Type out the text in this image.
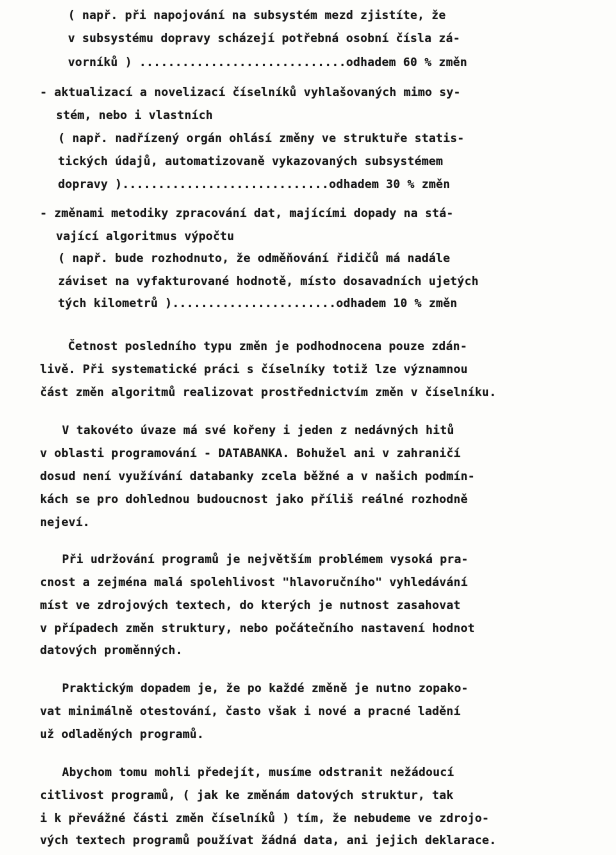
( např. při napojování na subsystém mezd zjistíte, že
v subsystému dopravy scházejí potřebná osobní čísla zá-
vorníků ) .............................odhadem 60 % změn
- aktualizací a novelizací číselníků vyhlašovaných mimo sy-
stém, nebo i vlastních
( např. nadřízený orgán ohlásí změny ve struktuře statis-
tických údajů, automatizovaně vykazovaných subsystémem
dopravy ).............................odhadem 30 % změn
- změnami metodiky zpracování dat, majícími dopady na stá-
vající algoritmus výpočtu
( např. bude rozhodnuto, že odměňování řidičů má nadále
záviset na vyfakturované hodnotě, místo dosavadních ujetých
tých kilometrů ).......................odhadem 10 % změn
Četnost posledního typu změn je podhodnocena pouze zdán-
livě. Při systematické práci s číselníky totiž lze významnou
část změn algoritmů realizovat prostřednictvím změn v číselníku.
V takovéto úvaze má své kořeny i jeden z nedávných hitů
v oblasti programování - DATABANKA. Bohužel ani v zahraničí
dosud není využívání databanky zcela běžné a v našich podmín-
kách se pro dohlednou budoucnost jako příliš reálné rozhodně
nejeví.
Při udržování programů je největším problémem vysoká pra-
cnost a zejména malá spolehlivost "hlavoručního" vyhledávání
míst ve zdrojových textech, do kterých je nutnost zasahovat
v případech změn struktury, nebo počátečního nastavení hodnot
datových proměnných.
Praktickým dopadem je, že po každé změně je nutno zopako-
vat minimálně otestování, často však i nové a pracné ladění
už odladěných programů.
Abychom tomu mohli předejít, musíme odstranit nežádoucí
citlivost programů, ( jak ke změnám datových struktur, tak
i k převážné části změn číselníků ) tím, že nebudeme ve zdrojo-
vých textech programů používat žádná data, ani jejich deklarace.
